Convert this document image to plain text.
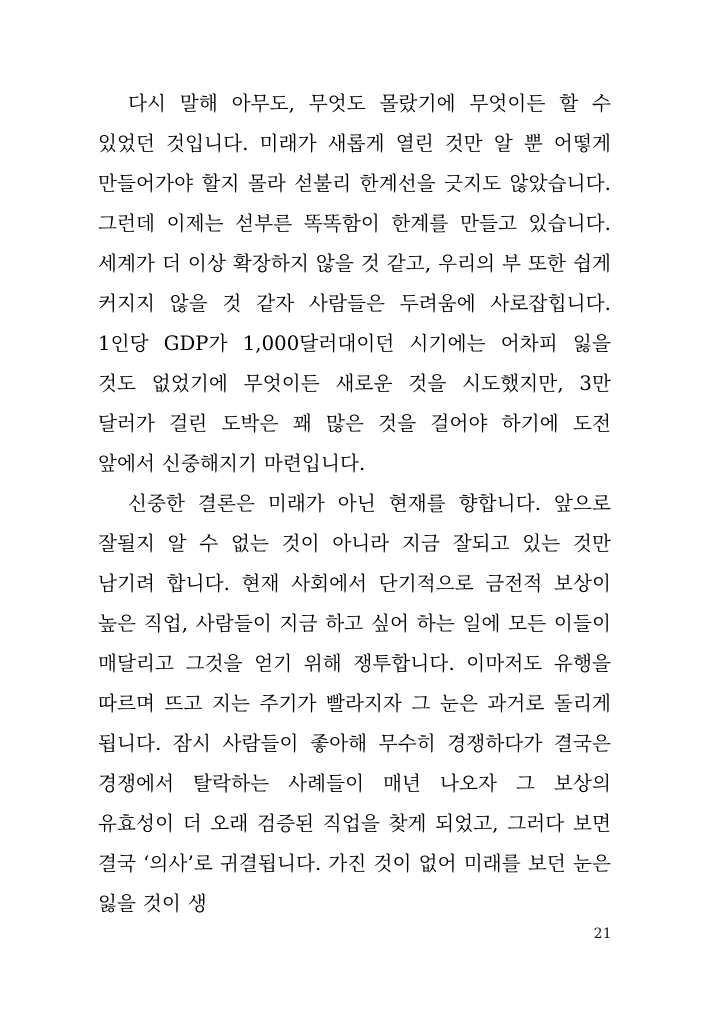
다시 말해 아무도, 무엇도 몰랐기에 무엇이든 할 수 있었던 것입니다. 미래가 새롭게 열린 것만 알 뿐 어떻게 만들어가야 할지 몰라 섣불리 한계선을 긋지도 않았습니다. 그런데 이제는 섣부른 똑똑함이 한계를 만들고 있습니다. 세계가 더 이상 확장하지 않을 것 같고, 우리의 부 또한 쉽게 커지지 않을 것 같자 사람들은 두려움에 사로잡힙니다. 1인당 GDP가 1,000달러대이던 시기에는 어차피 잃을 것도 없었기에 무엇이든 새로운 것을 시도했지만, 3만 달러가 걸린 도박은 꽤 많은 것을 걸어야 하기에 도전 앞에서 신중해지기 마련입니다.

신중한 결론은 미래가 아닌 현재를 향합니다. 앞으로 잘될지 알 수 없는 것이 아니라 지금 잘되고 있는 것만 남기려 합니다. 현재 사회에서 단기적으로 금전적 보상이 높은 직업, 사람들이 지금 하고 싶어 하는 일에 모든 이들이 매달리고 그것을 얻기 위해 쟁투합니다. 이마저도 유행을 따르며 뜨고 지는 주기가 빨라지자 그 눈은 과거로 돌리게 됩니다. 잠시 사람들이 좋아해 무수히 경쟁하다가 결국은 경쟁에서 탈락하는 사례들이 매년 나오자 그 보상의 유효성이 더 오래 검증된 직업을 찾게 되었고, 그러다 보면 결국 ‘의사’로 귀결됩니다. 가진 것이 없어 미래를 보던 눈은 잃을 것이 생

21
